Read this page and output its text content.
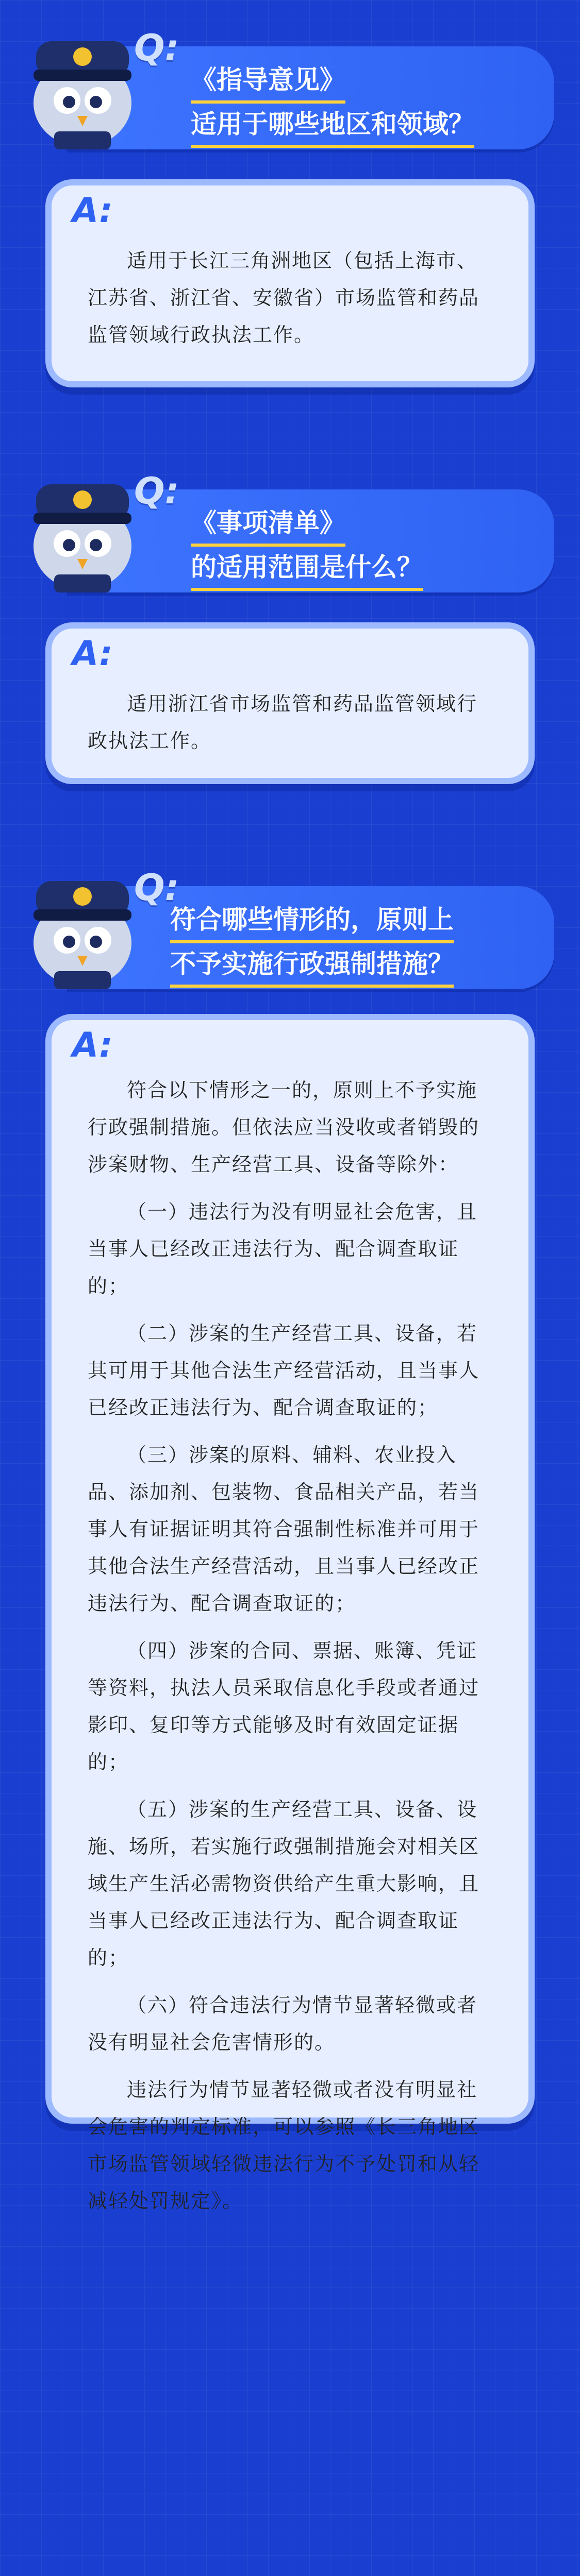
Q:
《指导意见》
适用于哪些地区和领域？
A:

适用于长江三角洲地区（包括上海市、江苏省、浙江省、安徽省）市场监管和药品监管领域行政执法工作。

Q:
《事项清单》
的适用范围是什么？
A:

适用浙江省市场监管和药品监管领域行政执法工作。

Q:
符合哪些情形的，原则上
不予实施行政强制措施？
A:

符合以下情形之一的，原则上不予实施行政强制措施。但依法应当没收或者销毁的涉案财物、生产经营工具、设备等除外：

（一）违法行为没有明显社会危害，且当事人已经改正违法行为、配合调查取证的；

（二）涉案的生产经营工具、设备，若其可用于其他合法生产经营活动，且当事人已经改正违法行为、配合调查取证的；

（三）涉案的原料、辅料、农业投入品、添加剂、包装物、食品相关产品，若当事人有证据证明其符合强制性标准并可用于其他合法生产经营活动，且当事人已经改正违法行为、配合调查取证的；

（四）涉案的合同、票据、账簿、凭证等资料，执法人员采取信息化手段或者通过影印、复印等方式能够及时有效固定证据的；

（五）涉案的生产经营工具、设备、设施、场所，若实施行政强制措施会对相关区域生产生活必需物资供给产生重大影响，且当事人已经改正违法行为、配合调查取证的；

（六）符合违法行为情节显著轻微或者没有明显社会危害情形的。

违法行为情节显著轻微或者没有明显社会危害的判定标准，可以参照《长三角地区市场监管领域轻微违法行为不予处罚和从轻减轻处罚规定》。
